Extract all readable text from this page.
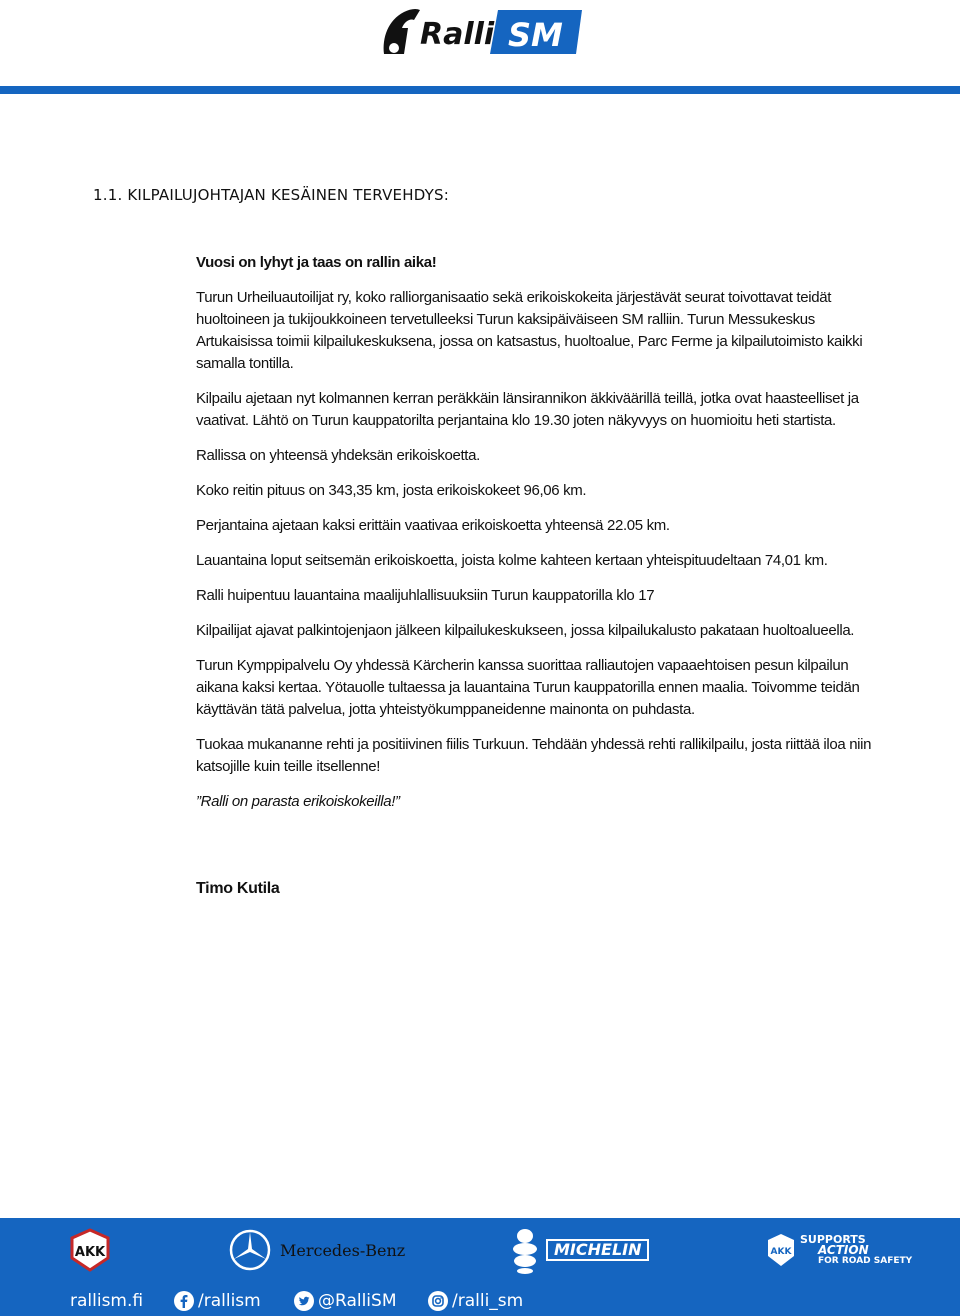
Ralli SM
1.1. KILPAILUJOHTAJAN KESÄINEN TERVEHDYS:

Vuosi on lyhyt ja taas on rallin aika!

Turun Urheiluautoilijat ry, koko ralliorganisaatio sekä erikoiskokeita järjestävät seurat toivottavat teidät huoltoineen ja tukijoukkoineen tervetulleeksi Turun kaksipäiväiseen SM ralliin. Turun Messukeskus Artukaisissa toimii kilpailukeskuksena, jossa on katsastus, huoltoalue, Parc Ferme ja kilpailutoimisto kaikki samalla tontilla.

Kilpailu ajetaan nyt kolmannen kerran peräkkäin länsirannikon äkkiväärillä teillä, jotka ovat haasteelliset ja vaativat. Lähtö on Turun kauppatorilta perjantaina klo 19.30 joten näkyvyys on huomioitu heti startista.

Rallissa on yhteensä yhdeksän erikoiskoetta.

Koko reitin pituus on 343,35 km, josta erikoiskokeet 96,06 km.

Perjantaina ajetaan kaksi erittäin vaativaa erikoiskoetta yhteensä 22.05 km.

Lauantaina loput seitsemän erikoiskoetta, joista kolme kahteen kertaan yhteispituudeltaan 74,01 km.

Ralli huipentuu lauantaina maalijuhlallisuuksiin Turun kauppatorilla klo 17

Kilpailijat ajavat palkintojenjaon jälkeen kilpailukeskukseen, jossa kilpailukalusto pakataan huoltoalueella.

Turun Kymppipalvelu Oy yhdessä Kärcherin kanssa suorittaa ralliautojen vapaaehtoisen pesun kilpailun aikana kaksi kertaa. Yötauolle tultaessa ja lauantaina Turun kauppatorilla ennen maalia. Toivomme teidän käyttävän tätä palvelua, jotta yhteistyökumppaneidenne mainonta on puhdasta.

Tuokaa mukananne rehti ja positiivinen fiilis Turkuun. Tehdään yhdessä rehti rallikilpailu, josta riittää iloa niin katsojille kuin teille itsellenne!

”Ralli on parasta erikoiskokeilla!”

Timo Kutila
AKK	Mercedes-Benz	MICHELIN	AKK
SUPPORTS
ACTION
FOR ROAD SAFETY
rallism.fi	/rallism	@RalliSM	/ralli_sm
